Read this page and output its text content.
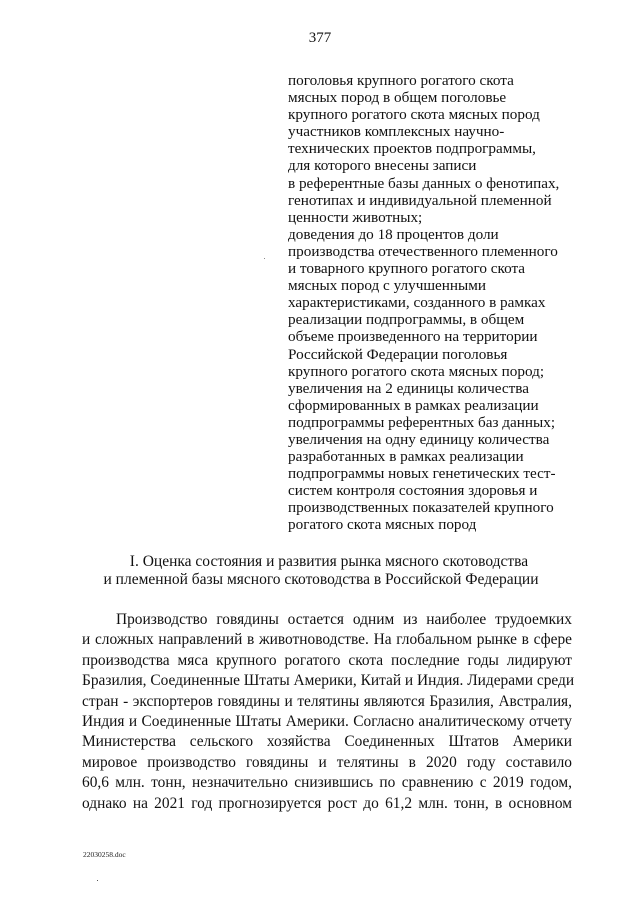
377
поголовья крупного рогатого скота
мясных пород в общем поголовье
крупного рогатого скота мясных пород
участников комплексных научно-
технических проектов подпрограммы,
для которого внесены записи
в референтные базы данных о фенотипах,
генотипах и индивидуальной племенной
ценности животных;
доведения до 18 процентов доли
производства отечественного племенного
и товарного крупного рогатого скота
мясных пород с улучшенными
характеристиками, созданного в рамках
реализации подпрограммы, в общем
объеме произведенного на территории
Российской Федерации поголовья
крупного рогатого скота мясных пород;
увеличения на 2 единицы количества
сформированных в рамках реализации
подпрограммы референтных баз данных;
увеличения на одну единицу количества
разработанных в рамках реализации
подпрограммы новых генетических тест-
систем контроля состояния здоровья и
производственных показателей крупного
рогатого скота мясных пород
I. Оценка состояния и развития рынка мясного скотоводства
и племенной базы мясного скотоводства в Российской Федерации
Производство говядины остается одним из наиболее трудоемких
и сложных направлений в животноводстве. На глобальном рынке в сфере
производства мяса крупного рогатого скота последние годы лидируют
Бразилия, Соединенные Штаты Америки, Китай и Индия. Лидерами среди
стран - экспортеров говядины и телятины являются Бразилия, Австралия,
Индия и Соединенные Штаты Америки. Согласно аналитическому отчету
Министерства сельского хозяйства Соединенных Штатов Америки
мировое производство говядины и телятины в 2020 году составило
60,6 млн. тонн, незначительно снизившись по сравнению с 2019 годом,
однако на 2021 год прогнозируется рост до 61,2 млн. тонн, в основном
22030258.doc
